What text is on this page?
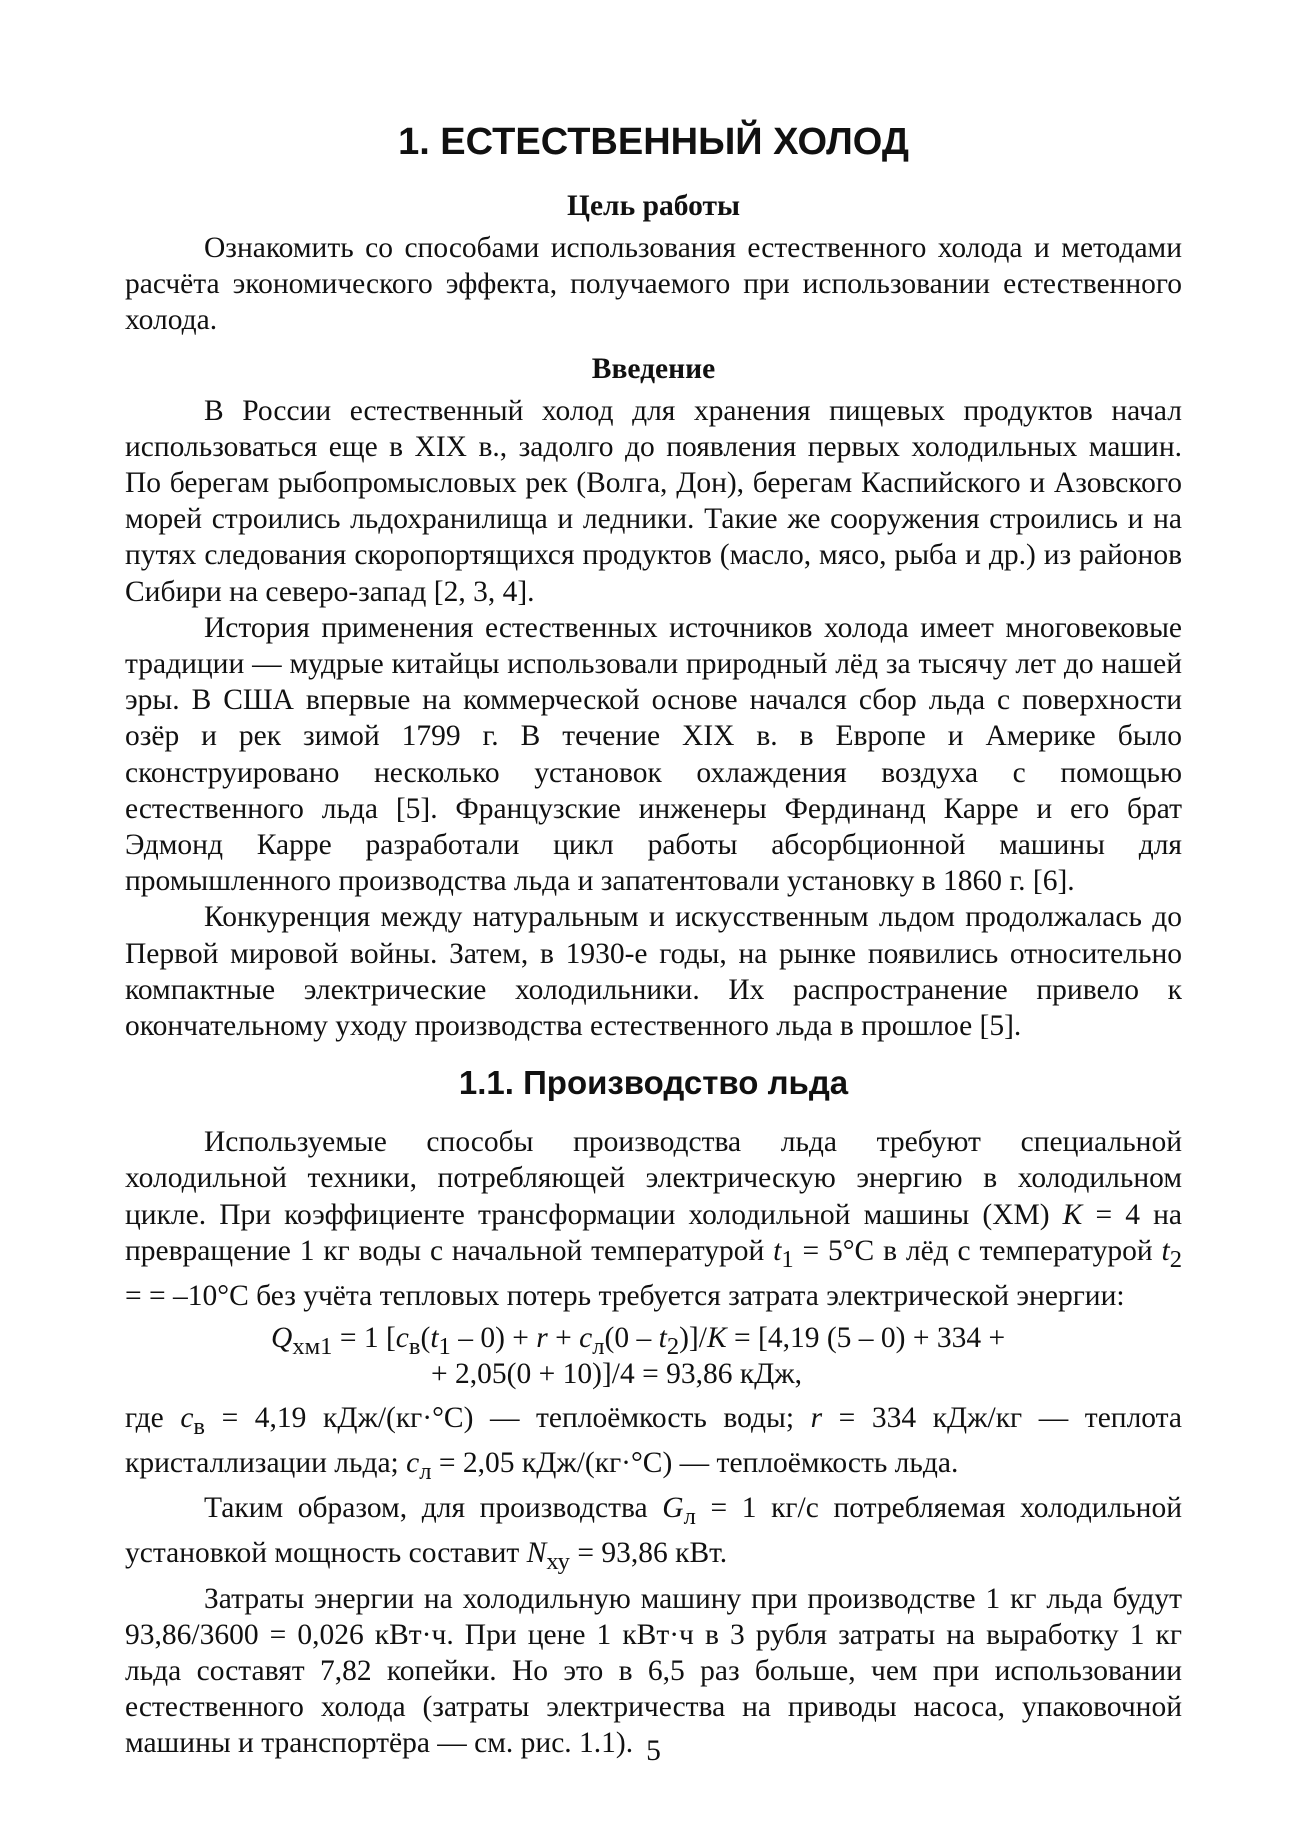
1. ЕСТЕСТВЕННЫЙ ХОЛОД
Цель работы

Ознакомить со способами использования естественного холода и методами расчёта экономического эффекта, получаемого при использовании естественного холода.

Введение

В России естественный холод для хранения пищевых продуктов начал использоваться еще в XIX в., задолго до появления первых холодильных машин. По берегам рыбопромысловых рек (Волга, Дон), берегам Каспийского и Азовского морей строились льдохранилища и ледники. Такие же сооружения строились и на путях следования скоропортящихся продуктов (масло, мясо, рыба и др.) из районов Сибири на северо-запад [2, 3, 4].

История применения естественных источников холода имеет многовековые традиции — мудрые китайцы использовали природный лёд за тысячу лет до нашей эры. В США впервые на коммерческой основе начался сбор льда с поверхности озёр и рек зимой 1799 г. В течение XIX в. в Европе и Америке было сконструировано несколько установок охлаждения воздуха с помощью естественного льда [5]. Французские инженеры Фердинанд Карре и его брат Эдмонд Карре разработали цикл работы абсорбционной машины для промышленного производства льда и запатентовали установку в 1860 г. [6].

Конкуренция между натуральным и искусственным льдом продолжалась до Первой мировой войны. Затем, в 1930-е годы, на рынке появились относительно компактные электрические холодильники. Их распространение привело к окончательному уходу производства естественного льда в прошлое [5].

1.1. Производство льда

Используемые способы производства льда требуют специальной холодильной техники, потребляющей электрическую энергию в холодильном цикле. При коэффициенте трансформации холодильной машины (ХМ) K = 4 на превращение 1 кг воды с начальной температурой $t_1 = 5^\circ С$ в лёд с температурой $t_2$ = = –10°С без учёта тепловых потерь требуется затрата электрической энергии:

$Q_{хм1} = 1$ $[c_в(t_1 - 0) + r + c_л(0 - t_2)]/K = [4,19$ (5 – 0) + 334 +
+ 2,05(0 + 10)]/4 = 93,86 кДж,

где $c_в = 4,19$ кДж/(кг·°С) — теплоёмкость воды; r = 334 кДж/кг — теплота кристаллизации льда; $c_л = 2,05$ кДж/(кг·°С) — теплоёмкость льда.

Таким образом, для производства $G_л = 1$ кг/с потребляемая холодильной установкой мощность составит $N_{ху} = 93,86$ кВт.

Затраты энергии на холодильную машину при производстве 1 кг льда будут 93,86/3600 = 0,026 кВт·ч. При цене 1 кВт·ч в 3 рубля затраты на выработку 1 кг льда составят 7,82 копейки. Но это в 6,5 раз больше, чем при использовании естественного холода (затраты электричества на приводы насоса, упаковочной машины и транспортёра — см. рис. 1.1). 5
